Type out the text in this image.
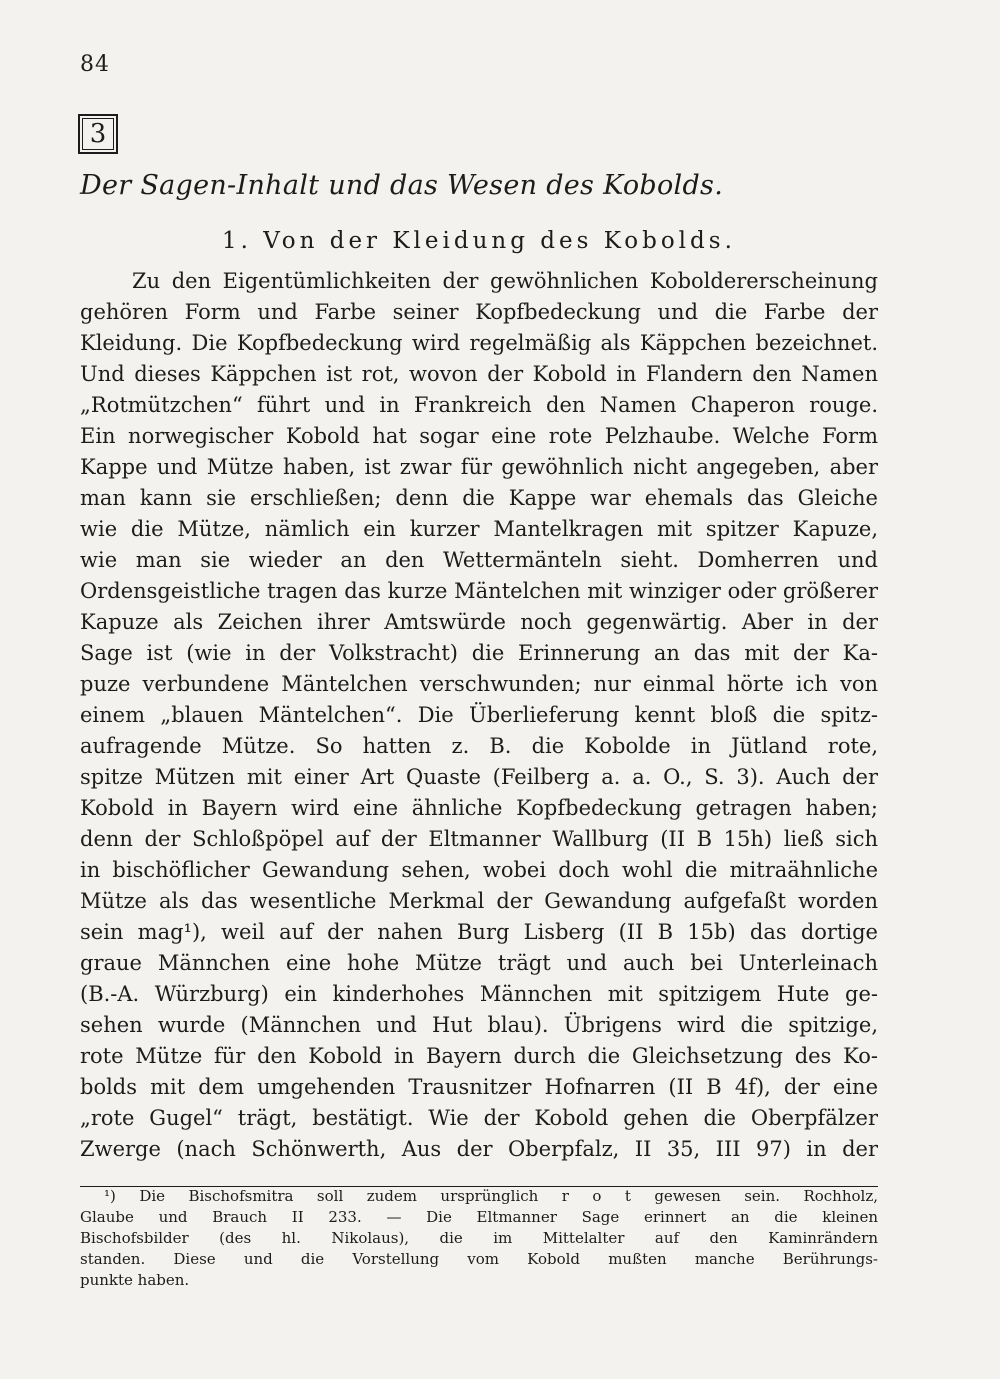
84
3
Der Sagen-Inhalt und das Wesen des Kobolds.
1. Von der Kleidung des Kobolds.
Zu den Eigentümlichkeiten der gewöhnlichen Koboldererscheinung
gehören Form und Farbe seiner Kopfbedeckung und die Farbe der
Kleidung. Die Kopfbedeckung wird regelmäßig als Käppchen bezeichnet.
Und dieses Käppchen ist rot, wovon der Kobold in Flandern den Namen
„Rotmützchen“ führt und in Frankreich den Namen Chaperon rouge.
Ein norwegischer Kobold hat sogar eine rote Pelzhaube. Welche Form
Kappe und Mütze haben, ist zwar für gewöhnlich nicht angegeben, aber
man kann sie erschließen; denn die Kappe war ehemals das Gleiche
wie die Mütze, nämlich ein kurzer Mantelkragen mit spitzer Kapuze,
wie man sie wieder an den Wettermänteln sieht. Domherren und
Ordensgeistliche tragen das kurze Mäntelchen mit winziger oder größerer
Kapuze als Zeichen ihrer Amtswürde noch gegenwärtig. Aber in der
Sage ist (wie in der Volkstracht) die Erinnerung an das mit der Ka-
puze verbundene Mäntelchen verschwunden; nur einmal hörte ich von
einem „blauen Mäntelchen“. Die Überlieferung kennt bloß die spitz-
aufragende Mütze. So hatten z. B. die Kobolde in Jütland rote,
spitze Mützen mit einer Art Quaste (Feilberg a. a. O., S. 3). Auch der
Kobold in Bayern wird eine ähnliche Kopfbedeckung getragen haben;
denn der Schloßpöpel auf der Eltmanner Wallburg (II B 15h) ließ sich
in bischöflicher Gewandung sehen, wobei doch wohl die mitraähnliche
Mütze als das wesentliche Merkmal der Gewandung aufgefaßt worden
sein mag¹), weil auf der nahen Burg Lisberg (II B 15b) das dortige
graue Männchen eine hohe Mütze trägt und auch bei Unterleinach
(B.-A. Würzburg) ein kinderhohes Männchen mit spitzigem Hute ge-
sehen wurde (Männchen und Hut blau). Übrigens wird die spitzige,
rote Mütze für den Kobold in Bayern durch die Gleichsetzung des Ko-
bolds mit dem umgehenden Trausnitzer Hofnarren (II B 4f), der eine
„rote Gugel“ trägt, bestätigt. Wie der Kobold gehen die Oberpfälzer
Zwerge (nach Schönwerth, Aus der Oberpfalz, II 35, III 97) in der
¹) Die Bischofsmitra soll zudem ursprünglich r o t gewesen sein. Rochholz,
Glaube und Brauch II 233. — Die Eltmanner Sage erinnert an die kleinen
Bischofsbilder (des hl. Nikolaus), die im Mittelalter auf den Kaminrändern
standen. Diese und die Vorstellung vom Kobold mußten manche Berührungs-
punkte haben.
